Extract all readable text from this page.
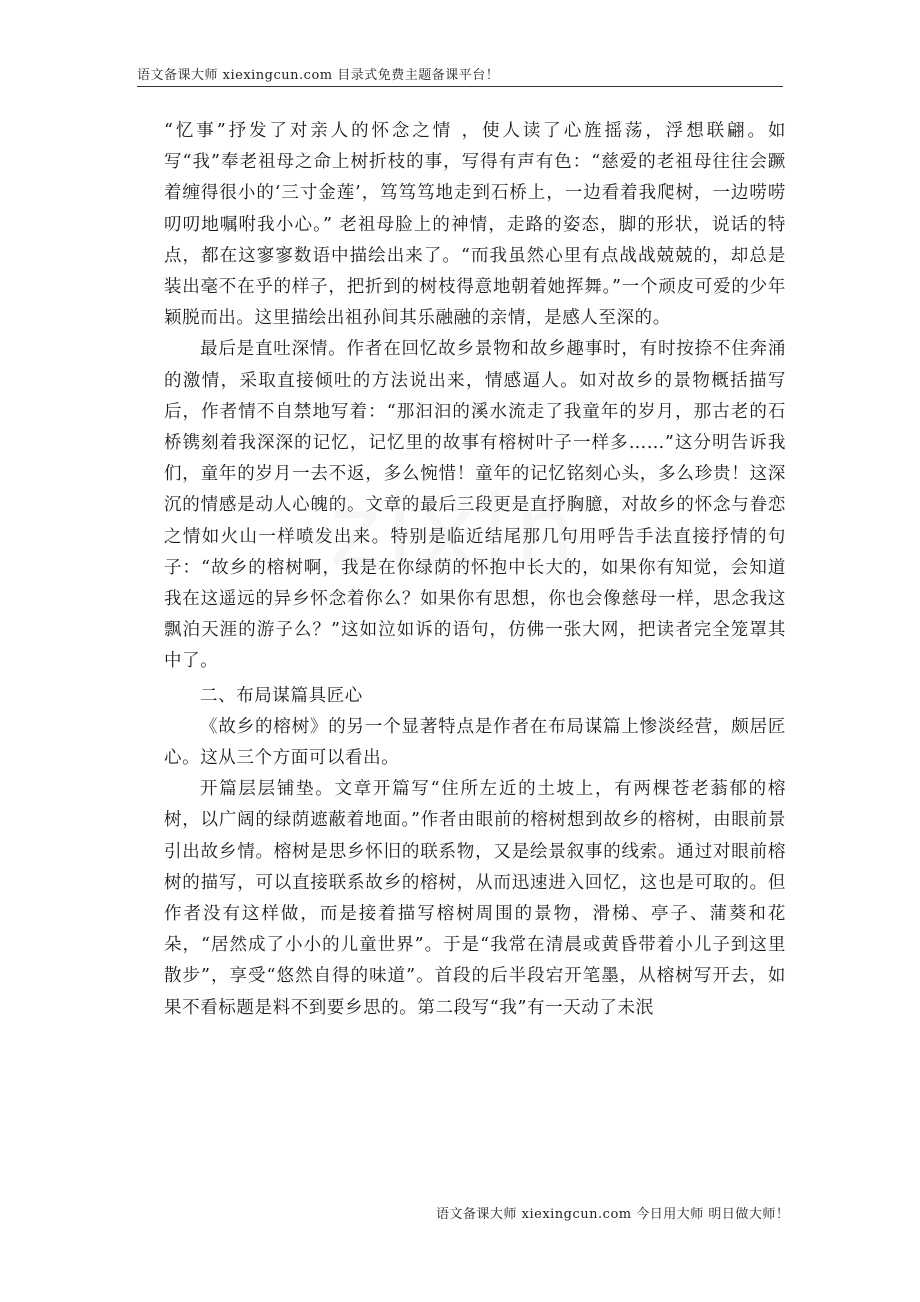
语文备课大师 xiexingcun.com 目录式免费主题备课平台！

“忆事”抒发了对亲人的怀念之情 ，使人读了心旌摇荡，浮想联翩。如写“我”奉老祖母之命上树折枝的事，写得有声有色：“慈爱的老祖母往往会蹶着缠得很小的‘三寸金莲’，笃笃笃地走到石桥上，一边看着我爬树，一边唠唠叨叨地嘱咐我小心。” 老祖母脸上的神情，走路的姿态，脚的形状，说话的特点，都在这寥寥数语中描绘出来了。“而我虽然心里有点战战兢兢的，却总是装出毫不在乎的样子，把折到的树枝得意地朝着她挥舞。”一个顽皮可爱的少年颖脱而出。这里描绘出祖孙间其乐融融的亲情，是感人至深的。

最后是直吐深情。作者在回忆故乡景物和故乡趣事时，有时按捺不住奔涌的激情，采取直接倾吐的方法说出来，情感逼人。如对故乡的景物概括描写后，作者情不自禁地写着：“那汩汩的溪水流走了我童年的岁月，那古老的石桥镌刻着我深深的记忆，记忆里的故事有榕树叶子一样多……”这分明告诉我们，童年的岁月一去不返，多么惋惜！童年的记忆铭刻心头，多么珍贵！这深沉的情感是动人心魄的。文章的最后三段更是直抒胸臆，对故乡的怀念与眷恋之情如火山一样喷发出来。特别是临近结尾那几句用呼告手法直接抒情的句子：“故乡的榕树啊，我是在你绿荫的怀抱中长大的，如果你有知觉，会知道我在这遥远的异乡怀念着你么？如果你有思想，你也会像慈母一样，思念我这飘泊天涯的游子么？”这如泣如诉的语句，仿佛一张大网，把读者完全笼罩其中了。

二、布局谋篇具匠心

《故乡的榕树》的另一个显著特点是作者在布局谋篇上惨淡经营，颇居匠心。这从三个方面可以看出。

开篇层层铺垫。文章开篇写“住所左近的土坡上，有两棵苍老蓊郁的榕树，以广阔的绿荫遮蔽着地面。”作者由眼前的榕树想到故乡的榕树，由眼前景引出故乡情。榕树是思乡怀旧的联系物，又是绘景叙事的线索。通过对眼前榕树的描写，可以直接联系故乡的榕树，从而迅速进入回忆，这也是可取的。但作者没有这样做，而是接着描写榕树周围的景物，滑梯、亭子、蒲葵和花朵，“居然成了小小的儿童世界”。于是“我常在清晨或黄昏带着小儿子到这里散步”，享受“悠然自得的味道”。首段的后半段宕开笔墨，从榕树写开去，如果不看标题是料不到要乡思的。第二段写“我”有一天动了未泯

语文备课大师 xiexingcun.com 今日用大师 明日做大师！
